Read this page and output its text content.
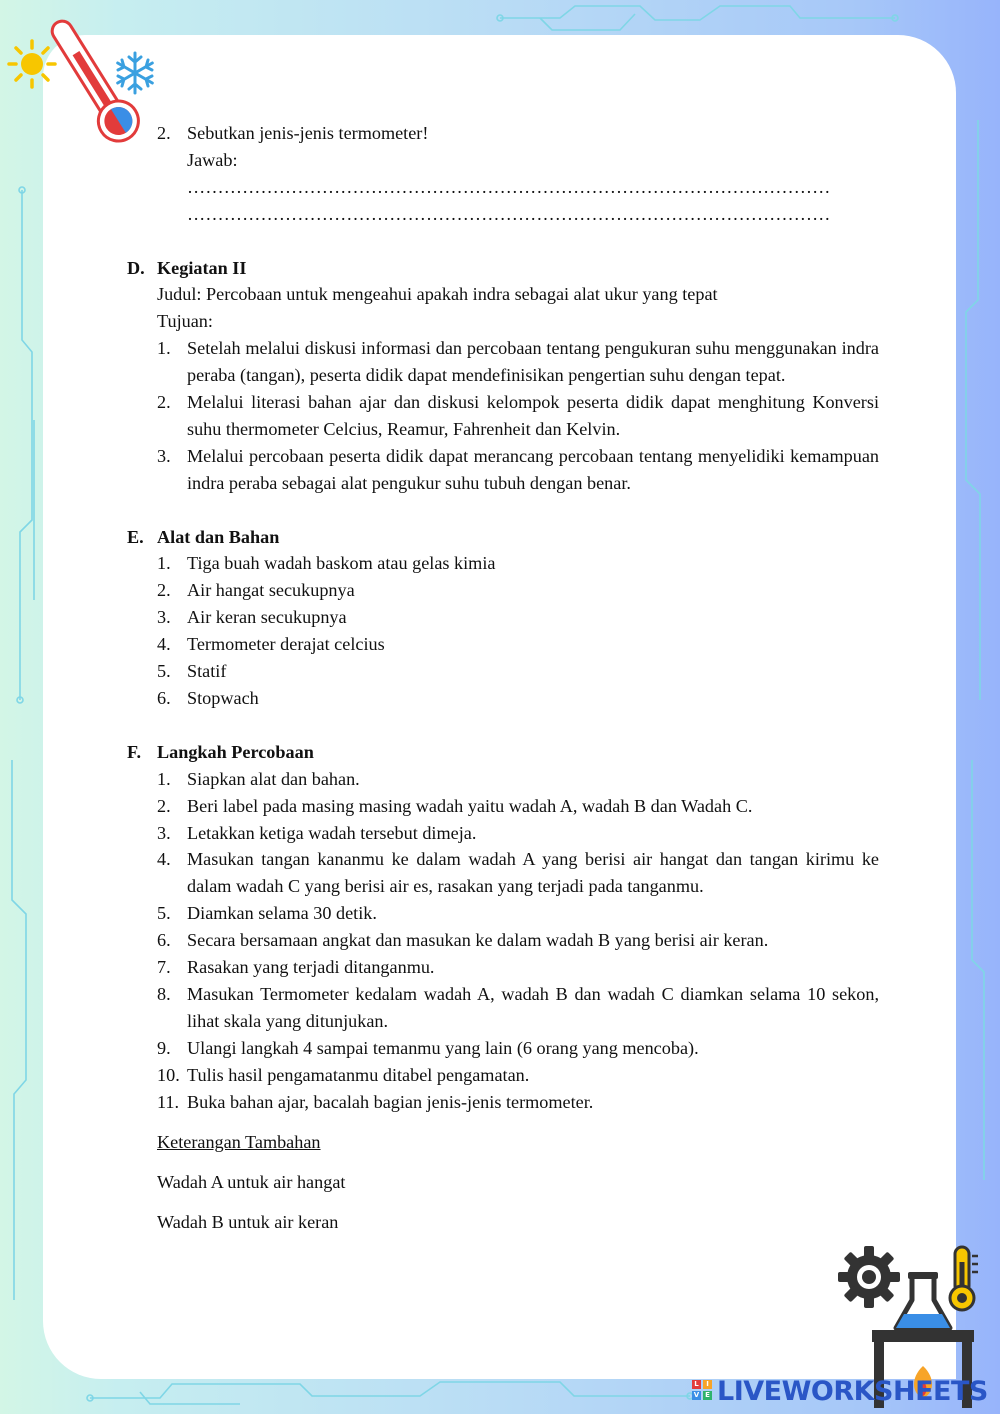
2. Sebutkan jenis-jenis termometer!
Jawab:
……………………………………………………………………………………………
……………………………………………………………………………………………
D. Kegiatan II
Judul: Percobaan untuk mengeahui apakah indra sebagai alat ukur yang tepat
Tujuan:
1. Setelah melalui diskusi informasi dan percobaan tentang pengukuran suhu menggunakan indra peraba (tangan), peserta didik dapat mendefinisikan pengertian suhu dengan tepat.
2. Melalui literasi bahan ajar dan diskusi kelompok peserta didik dapat menghitung Konversi suhu thermometer Celcius, Reamur, Fahrenheit dan Kelvin.
3. Melalui percobaan peserta didik dapat merancang percobaan tentang menyelidiki kemampuan indra peraba sebagai alat pengukur suhu tubuh dengan benar.
E. Alat dan Bahan
1. Tiga buah wadah baskom atau gelas kimia
2. Air hangat secukupnya
3. Air keran secukupnya
4. Termometer derajat celcius
5. Statif
6. Stopwach
F. Langkah Percobaan
1. Siapkan alat dan bahan.
2. Beri label pada masing masing wadah yaitu wadah A, wadah B dan Wadah C.
3. Letakkan ketiga wadah tersebut dimeja.
4. Masukan tangan kananmu ke dalam wadah A yang berisi air hangat dan tangan kirimu ke dalam wadah C yang berisi air es, rasakan yang terjadi pada tanganmu.
5. Diamkan selama 30 detik.
6. Secara bersamaan angkat dan masukan ke dalam wadah B yang berisi air keran.
7. Rasakan yang terjadi ditanganmu.
8. Masukan Termometer kedalam wadah A, wadah B dan wadah C diamkan selama 10 sekon, lihat skala yang ditunjukan.
9. Ulangi langkah 4 sampai temanmu yang lain (6 orang yang mencoba).
10. Tulis hasil pengamatanmu ditabel pengamatan.
11. Buka bahan ajar, bacalah bagian jenis-jenis termometer.
Keterangan Tambahan
Wadah A untuk air hangat
Wadah B untuk air keran
L	I
V E LIVEWORKSHEETS
